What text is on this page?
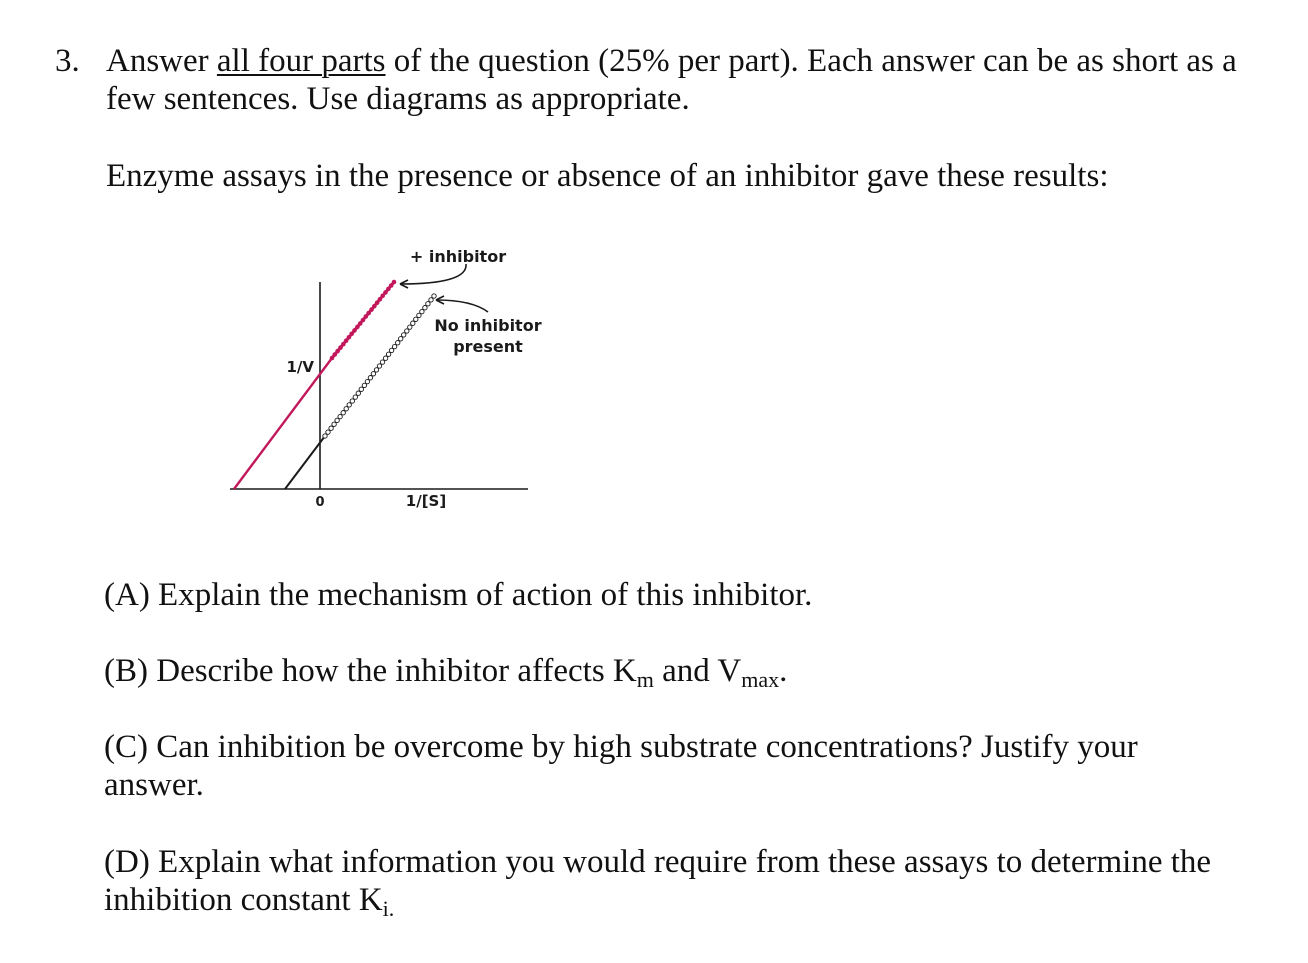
3. Answer all four parts of the question (25% per part). Each answer can be as short as a
few sentences. Use diagrams as appropriate.
Enzyme assays in the presence or absence of an inhibitor gave these results:
+ inhibitor
No inhibitor
present
1/V
1/[S]
0
(A) Explain the mechanism of action of this inhibitor.
(B) Describe how the inhibitor affects $K_m$ and $V_{max}$.
(C) Can inhibition be overcome by high substrate concentrations? Justify your
answer.
(D) Explain what information you would require from these assays to determine the
inhibition constant $K_{i.}$
